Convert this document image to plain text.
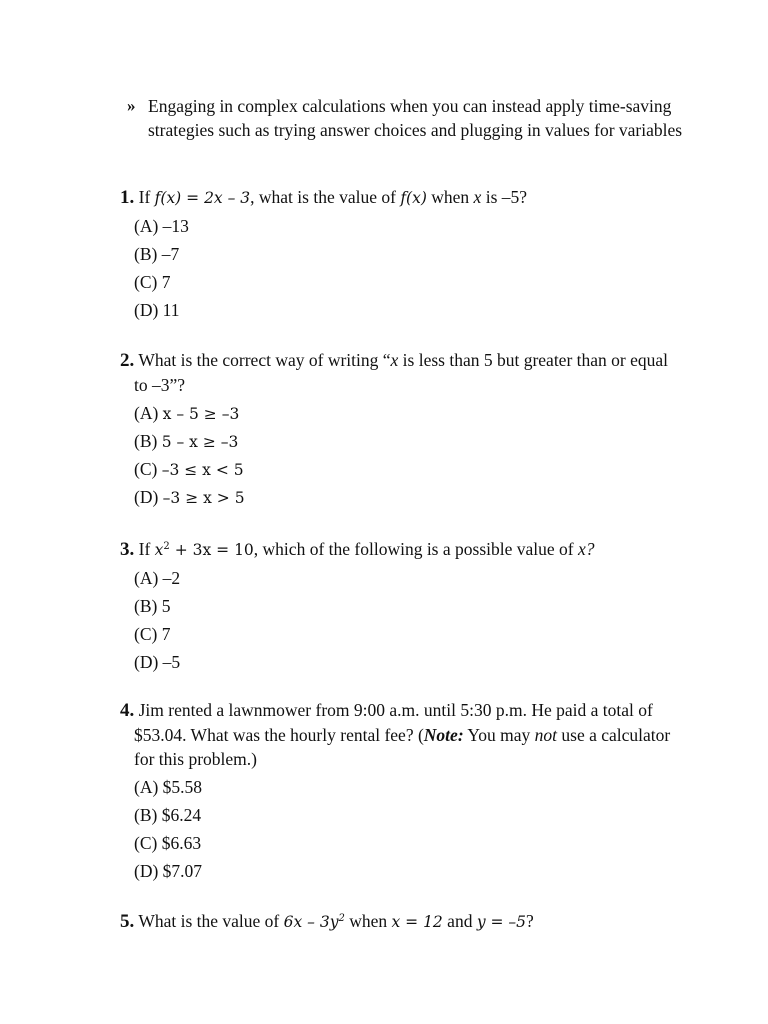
» Engaging in complex calculations when you can instead apply time-saving strategies such as trying answer choices and plugging in values for variables
1. If f(x) = 2x – 3, what is the value of f(x) when x is –5?
(A) –13
(B) –7
(C) 7
(D) 11
2. What is the correct way of writing “x is less than 5 but greater than or equal to –3”?
(A) x – 5 ≥ –3
(B) 5 – x ≥ –3
(C) –3 ≤ x < 5
(D) –3 ≥ x > 5
3. If $x^2 + 3x = 10$, which of the following is a possible value of x?
(A) –2
(B) 5
(C) 7
(D) –5
4. Jim rented a lawnmower from 9:00 a.m. until 5:30 p.m. He paid a total of $53.04. What was the hourly rental fee? (Note: You may not use a calculator for this problem.)
(A) $5.58
(B) $6.24
(C) $6.63
(D) $7.07
5. What is the value of $6x - 3y^2$ when x = 12 and y = –5?
